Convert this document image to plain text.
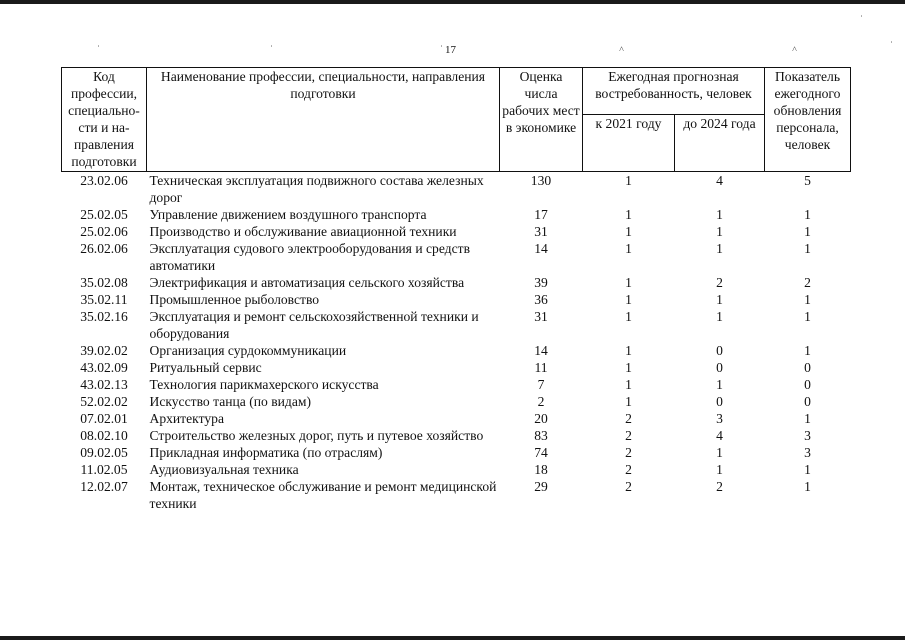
˙	˙	˙	˄	˄
˙
˙
17
Код профессии, специально-сти и на-правления подготовки	Наименование профессии, специальности, направления подготовки	Оценка числа рабочих мест в экономике	Ежегодная прогнозная востребованность, человек		Показатель ежегодного обновления персонала, человек
			к 2021 году	до 2024 года	
23.02.06	Техническая эксплуатация подвижного состава железных дорог	130	1	4	5
25.02.05	Управление движением воздушного транспорта	17	1	1	1
25.02.06	Производство и обслуживание авиационной техники	31	1	1	1
26.02.06	Эксплуатация судового электрооборудования и средств автоматики	14	1	1	1
35.02.08	Электрификация и автоматизация сельского хозяйства	39	1	2	2
35.02.11	Промышленное рыболовство	36	1	1	1
35.02.16	Эксплуатация и ремонт сельскохозяйственной техники и оборудования	31	1	1	1
39.02.02	Организация сурдокоммуникации	14	1	0	1
43.02.09	Ритуальный сервис	11	1	0	0
43.02.13	Технология парикмахерского искусства	7	1	1	0
52.02.02	Искусство танца (по видам)	2	1	0	0
07.02.01	Архитектура	20	2	3	1
08.02.10	Строительство железных дорог, путь и путевое хозяйство	83	2	4	3
09.02.05	Прикладная информатика (по отраслям)	74	2	1	3
11.02.05	Аудиовизуальная техника	18	2	1	1
12.02.07	Монтаж, техническое обслуживание и ремонт медицинской техники	29	2	2	1
